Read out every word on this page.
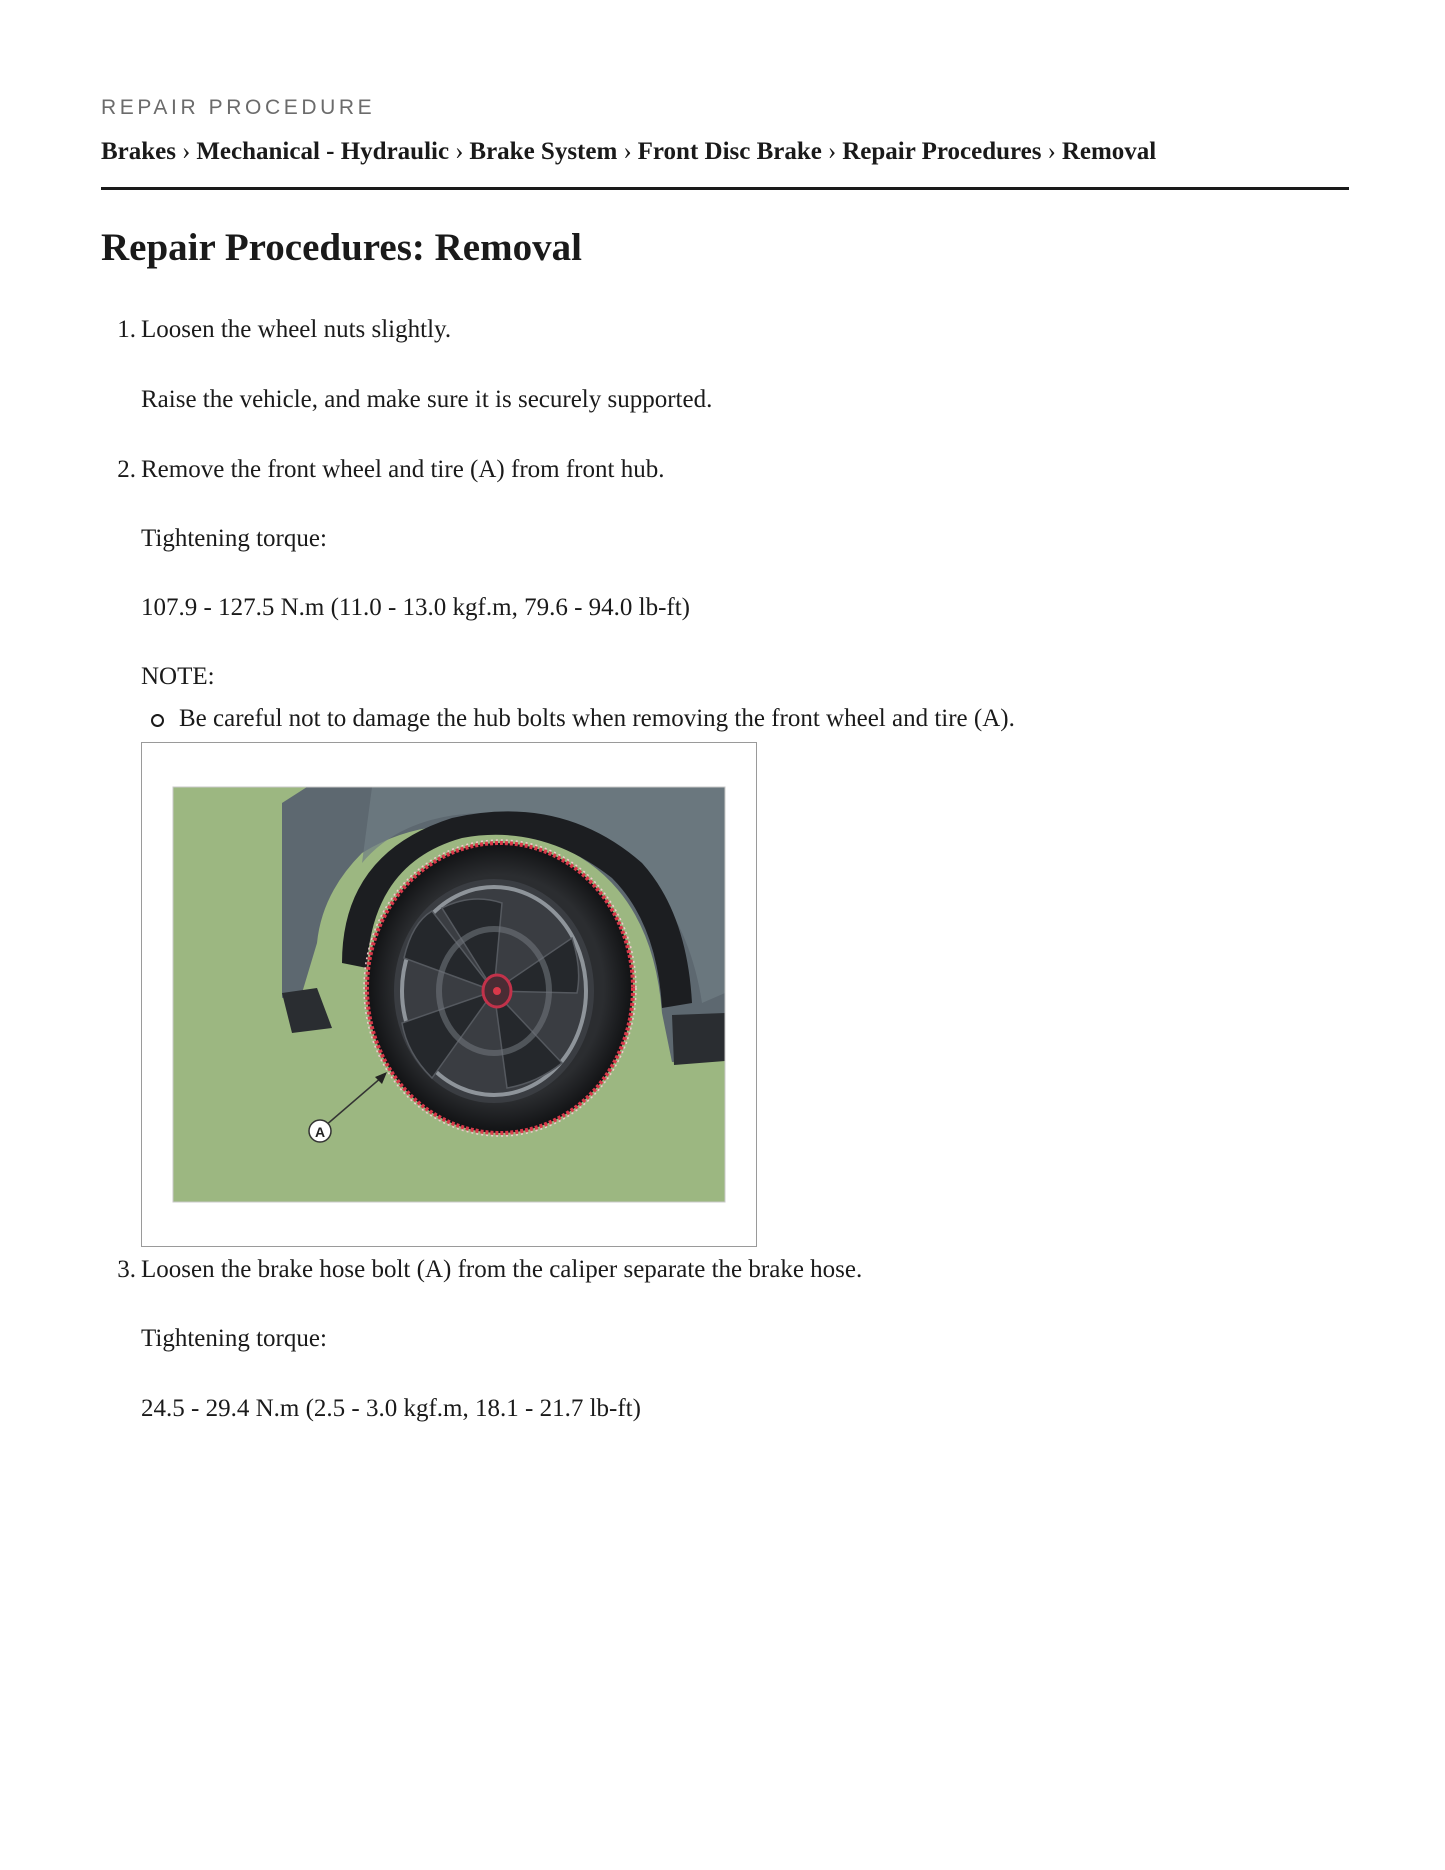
REPAIR PROCEDURE
Brakes › Mechanical - Hydraulic › Brake System › Front Disc Brake › Repair Procedures › Removal
Repair Procedures: Removal
1. Loosen the wheel nuts slightly.
Raise the vehicle, and make sure it is securely supported.
2. Remove the front wheel and tire (A) from front hub.
Tightening torque:
107.9 - 127.5 N.m (11.0 - 13.0 kgf.m, 79.6 - 94.0 lb-ft)
NOTE:
Be careful not to damage the hub bolts when removing the front wheel and tire (A).
A
3. Loosen the brake hose bolt (A) from the caliper separate the brake hose.
Tightening torque:
24.5 - 29.4 N.m (2.5 - 3.0 kgf.m, 18.1 - 21.7 lb-ft)
